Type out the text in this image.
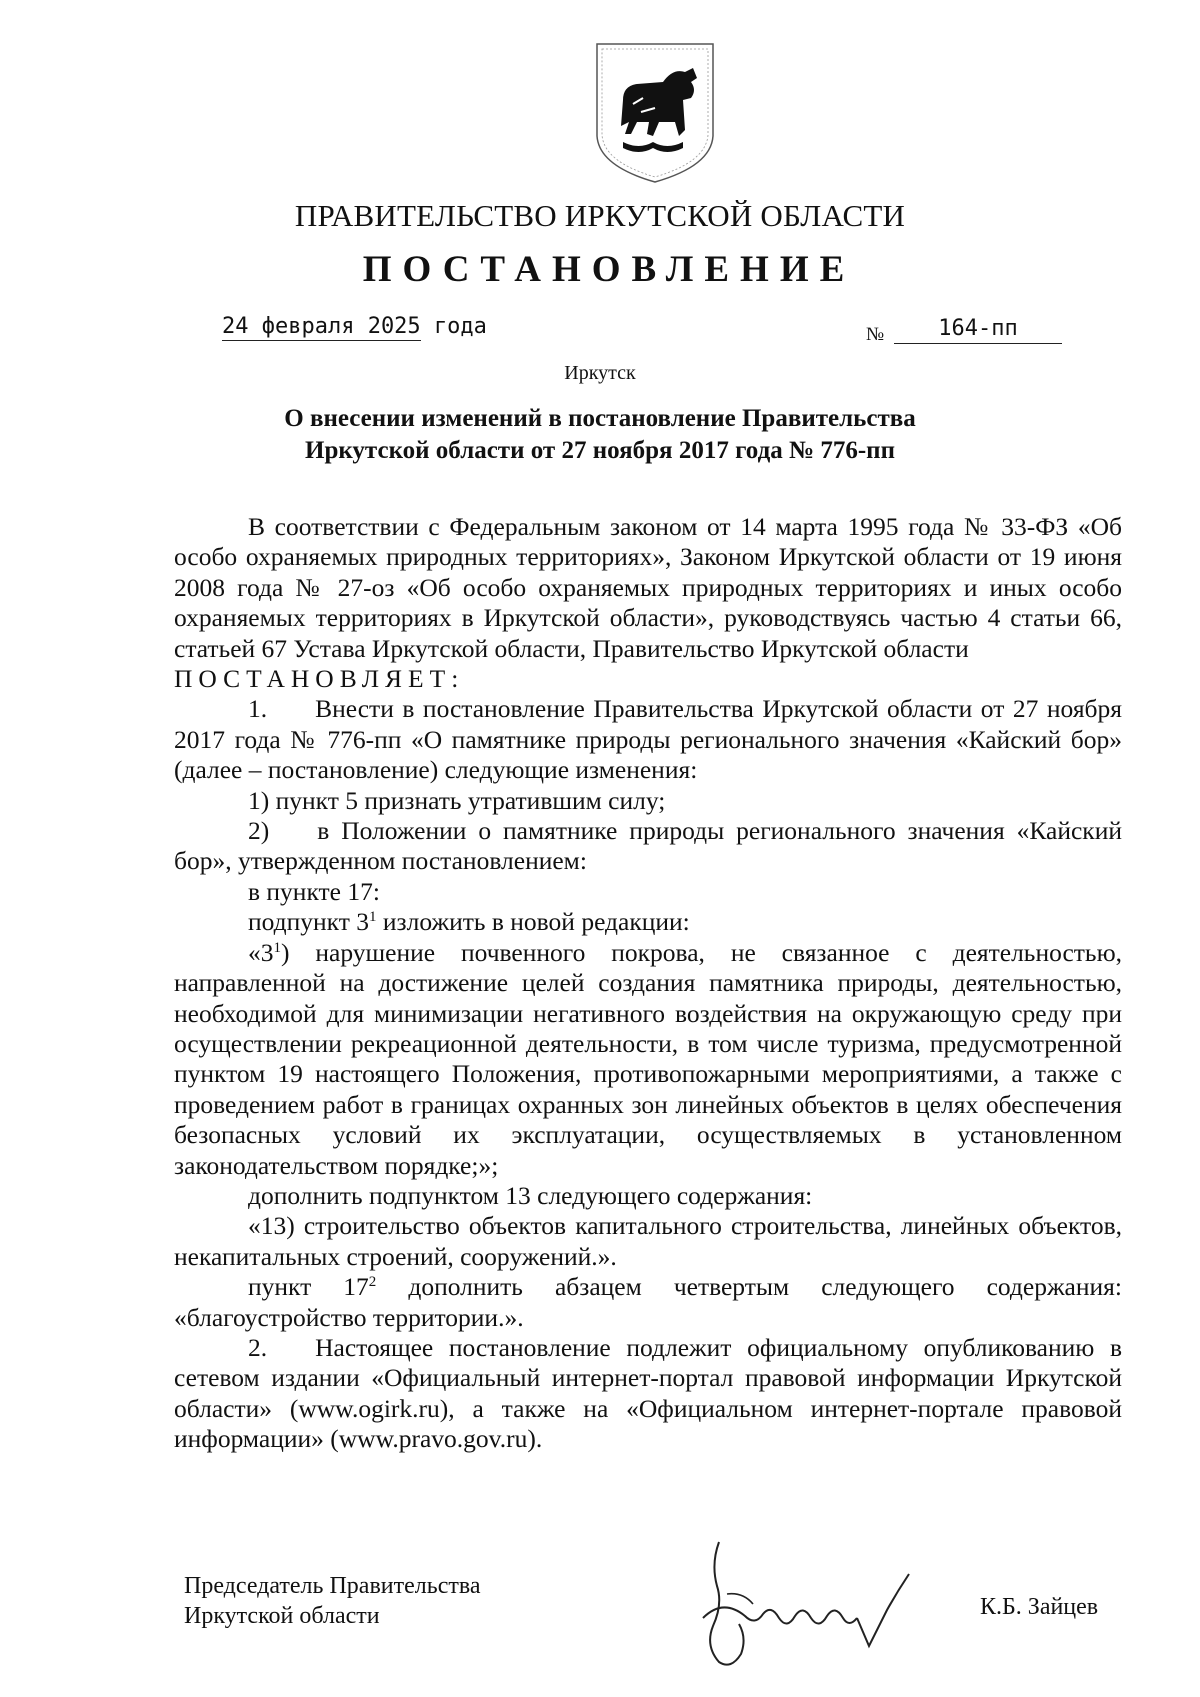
ПРАВИТЕЛЬСТВО ИРКУТСКОЙ ОБЛАСТИ
ПОСТАНОВЛЕНИЕ
24 февраля 2025 года	№	164-пп
Иркутск
О внесении изменений в постановление Правительства
Иркутской области от 27 ноября 2017 года № 776-пп

В соответствии с Федеральным законом от 14 марта 1995 года № 33-ФЗ «Об особо охраняемых природных территориях», Законом Иркутской области от 19 июня 2008 года № 27-оз «Об особо охраняемых природных территориях и иных особо охраняемых территориях в Иркутской области», руководствуясь частью 4 статьи 66, статьей 67 Устава Иркутской области, Правительство Иркутской области

ПОСТАНОВЛЯЕТ:

1. Внести в постановление Правительства Иркутской области от 27 ноября 2017 года № 776-пп «О памятнике природы регионального значения «Кайский бор» (далее – постановление) следующие изменения:

1) пункт 5 признать утратившим силу;

2) в Положении о памятнике природы регионального значения «Кайский бор», утвержденном постановлением:

в пункте 17:

подпункт $3^1$ изложить в новой редакции:

«$3^1$) нарушение почвенного покрова, не связанное с деятельностью, направленной на достижение целей создания памятника природы, деятельностью, необходимой для минимизации негативного воздействия на окружающую среду при осуществлении рекреационной деятельности, в том числе туризма, предусмотренной пунктом 19 настоящего Положения, противопожарными мероприятиями, а также с проведением работ в границах охранных зон линейных объектов в целях обеспечения безопасных условий их эксплуатации, осуществляемых в установленном законодательством порядке;»;

дополнить подпунктом 13 следующего содержания:

«13) строительство объектов капитального строительства, линейных объектов, некапитальных строений, сооружений.».

пункт $17^2$ дополнить абзацем четвертым следующего содержания: «благоустройство территории.».

2. Настоящее постановление подлежит официальному опубликованию в сетевом издании «Официальный интернет-портал правовой информации Иркутской области» (www.ogirk.ru), а также на «Официальном интернет-портале правовой информации» (www.pravo.gov.ru).

Председатель Правительства
Иркутской области	К.Б. Зайцев
